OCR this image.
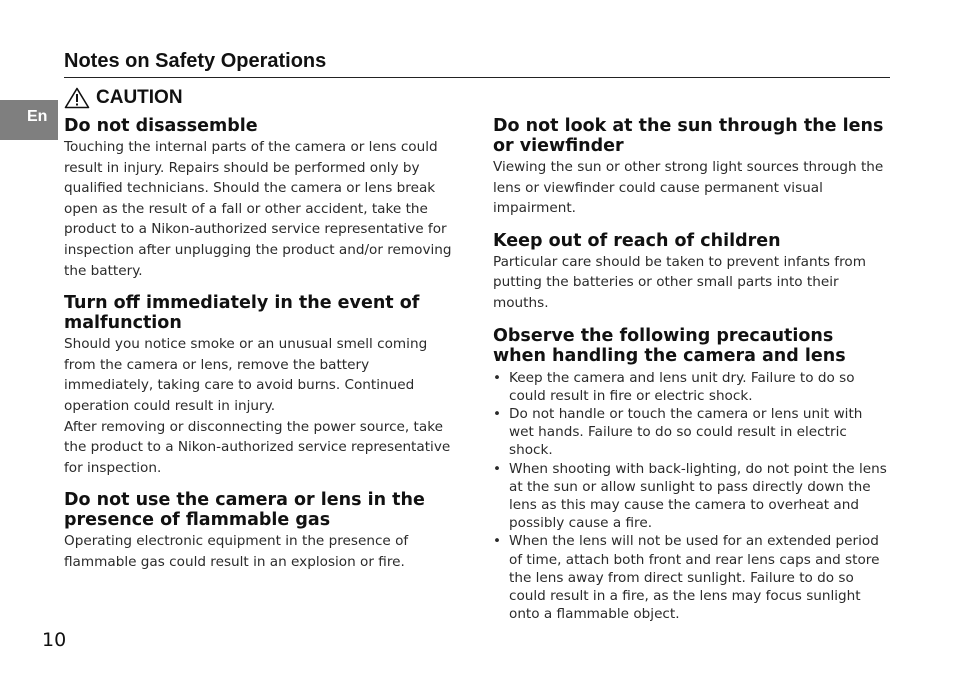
Notes on Safety Operations
En
CAUTION
Do not disassemble

Touching the internal parts of the camera or lens could result in injury. Repairs should be performed only by qualified technicians. Should the camera or lens break open as the result of a fall or other accident, take the product to a Nikon-authorized service representative for inspection after unplugging the product and/or removing the battery.

Turn off immediately in the event of malfunction

Should you notice smoke or an unusual smell coming from the camera or lens, remove the battery immediately, taking care to avoid burns. Continued operation could result in injury.

After removing or disconnecting the power source, take the product to a Nikon-authorized service representative for inspection.

Do not use the camera or lens in the presence of flammable gas

Operating electronic equipment in the presence of flammable gas could result in an explosion or fire.

Do not look at the sun through the lens or viewfinder

Viewing the sun or other strong light sources through the lens or viewfinder could cause permanent visual impairment.

Keep out of reach of children

Particular care should be taken to prevent infants from putting the batteries or other small parts into their mouths.

Observe the following precautions when handling the camera and lens
• Keep the camera and lens unit dry. Failure to do so could result in fire or electric shock.
• Do not handle or touch the camera or lens unit with wet hands. Failure to do so could result in electric shock.
• When shooting with back-lighting, do not point the lens at the sun or allow sunlight to pass directly down the lens as this may cause the camera to overheat and possibly cause a fire.
• When the lens will not be used for an extended period of time, attach both front and rear lens caps and store the lens away from direct sunlight. Failure to do so could result in a fire, as the lens may focus sunlight onto a flammable object.
10
